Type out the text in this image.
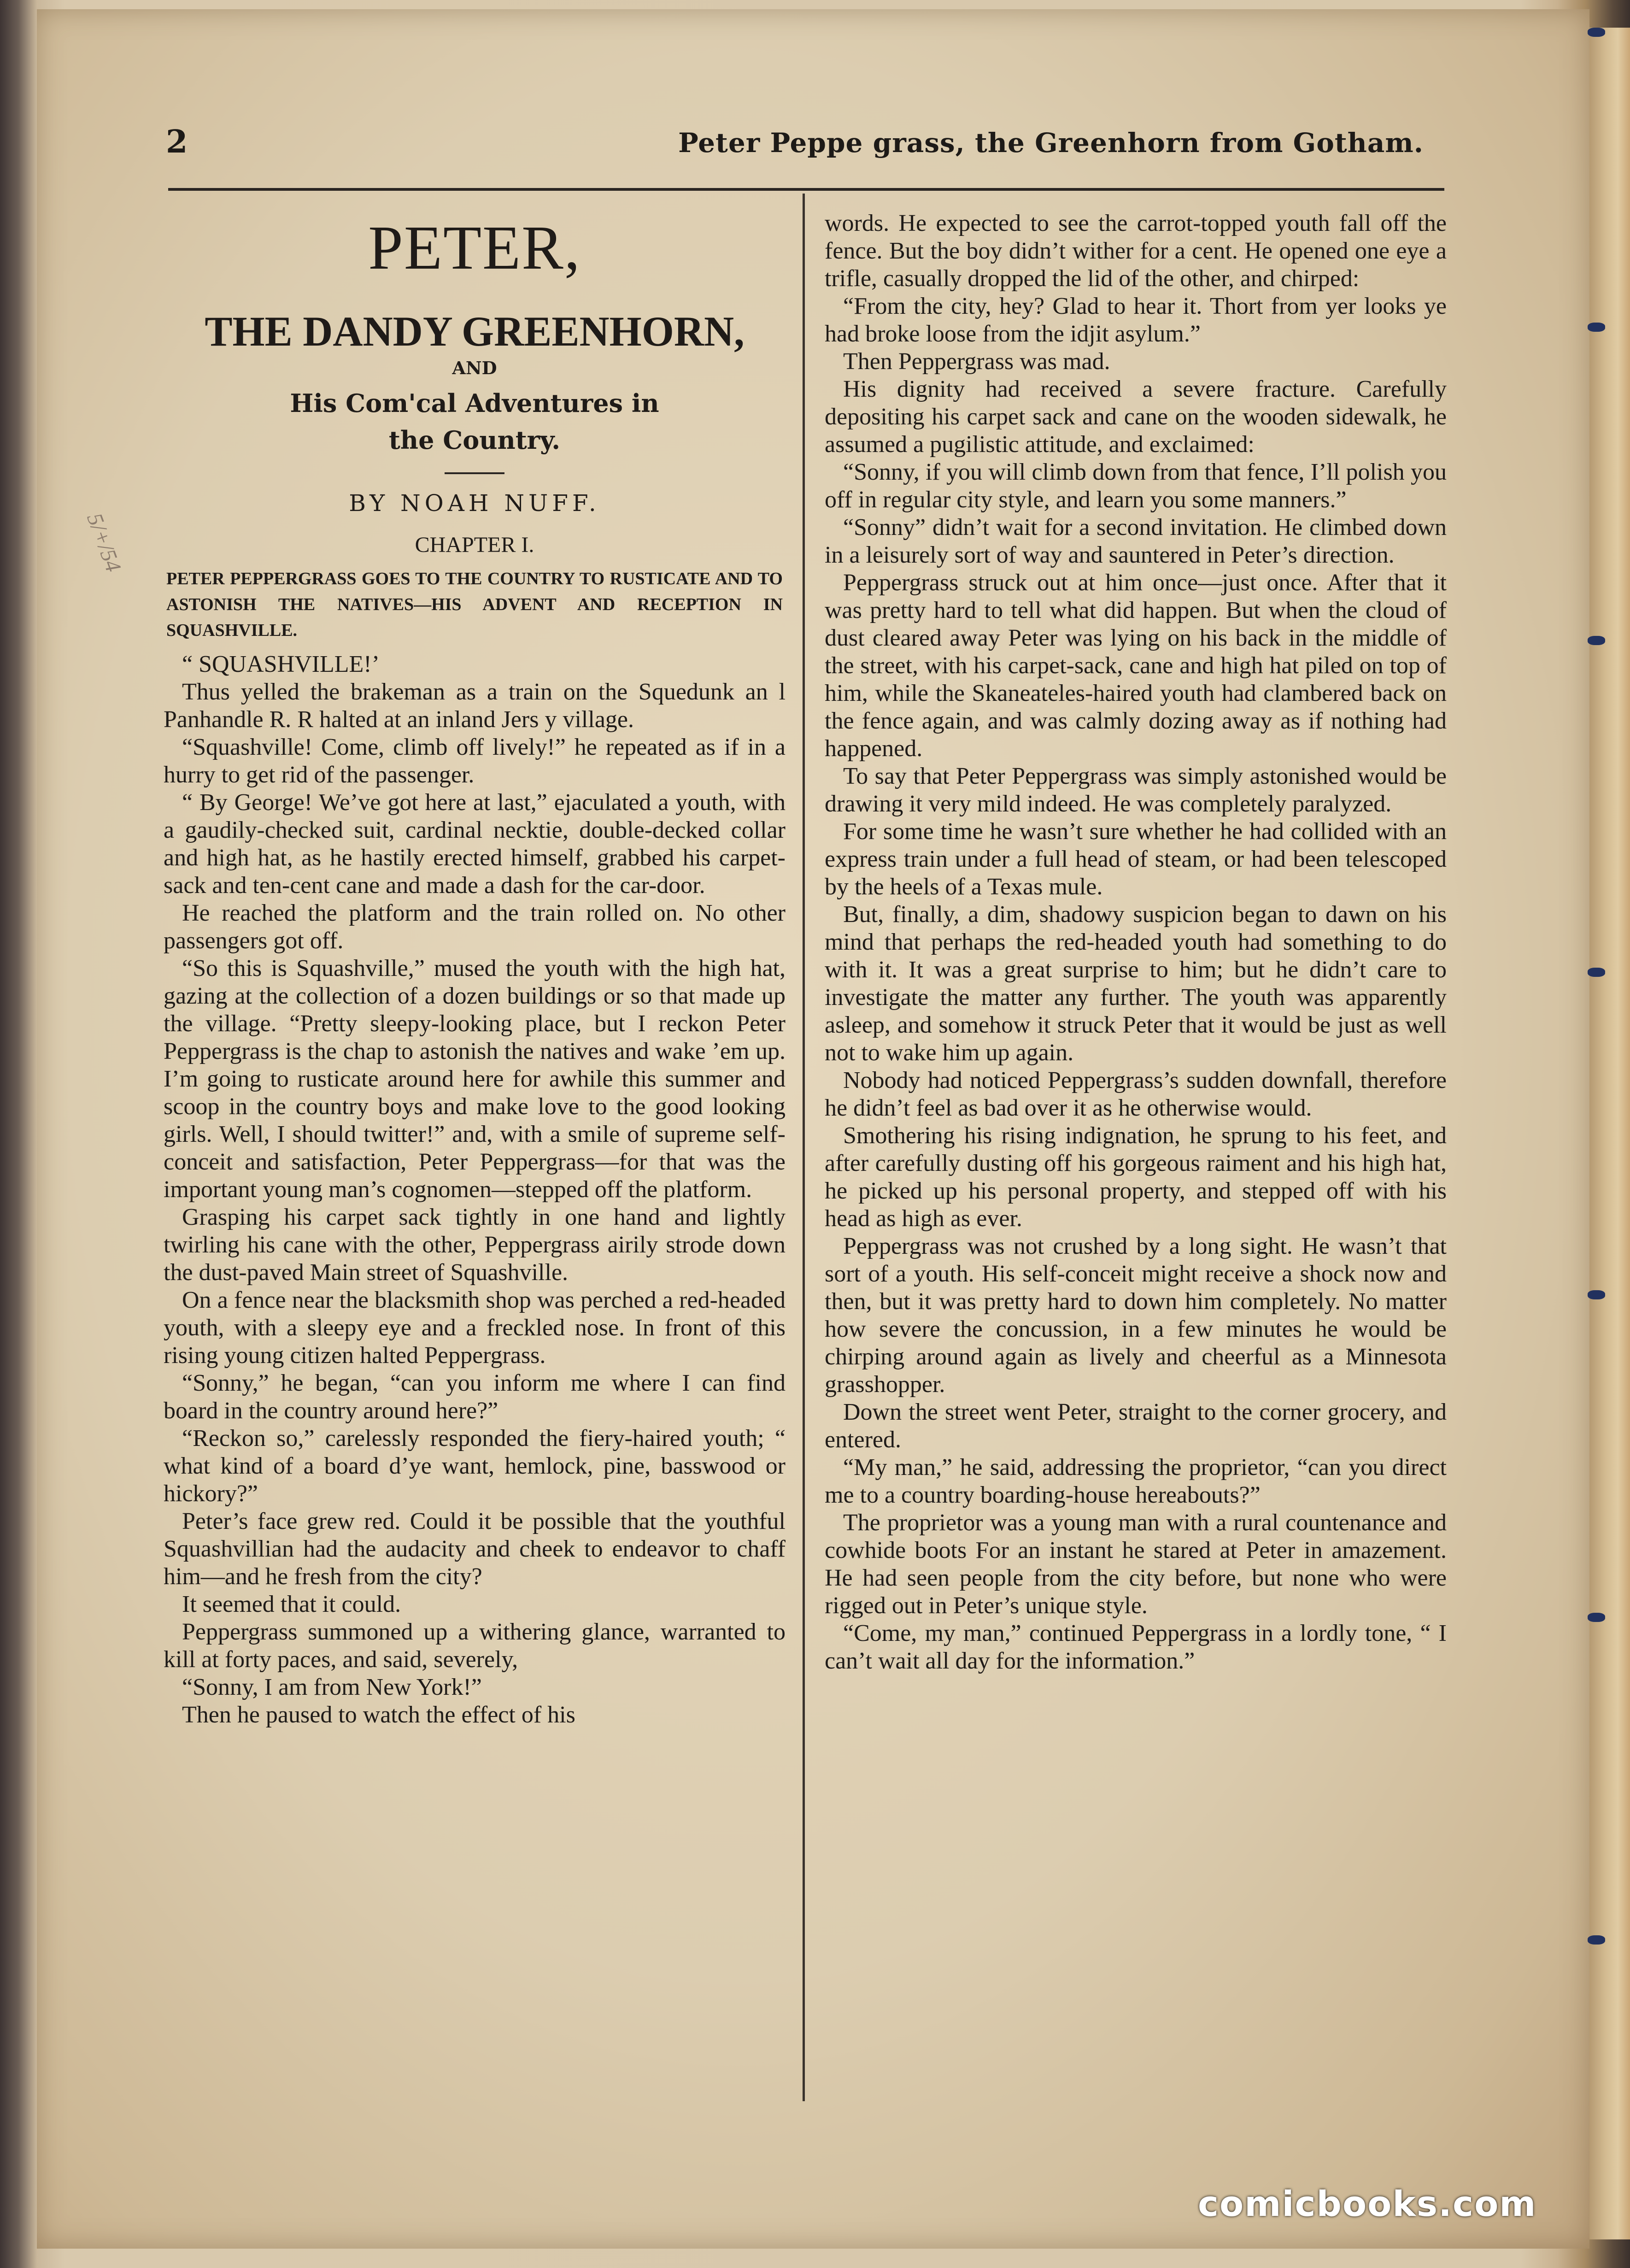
5/+/54
2	Peter Peppe grass, the Greenhorn from Gotham.
PETER,
THE DANDY GREENHORN,
AND
His Com'cal Adventures in
the Country.
BY NOAH NUFF.
CHAPTER I.
PETER PEPPERGRASS GOES TO THE COUNTRY TO RUSTICATE AND TO ASTONISH THE NATIVES—HIS ADVENT AND RECEPTION IN SQUASHVILLE.

“ SQUASHVILLE!’

Thus yelled the brakeman as a train on the Squedunk an l Panhandle R. R halted at an inland Jers y village.

“Squashville! Come, climb off lively!” he repeated as if in a hurry to get rid of the passenger.

“ By George! We’ve got here at last,” ejaculated a youth, with a gaudily-checked suit, cardinal necktie, double-decked collar and high hat, as he hastily erected himself, grabbed his carpet-sack and ten-cent cane and made a dash for the car-door.

He reached the platform and the train rolled on. No other passengers got off.

“So this is Squashville,” mused the youth with the high hat, gazing at the collection of a dozen buildings or so that made up the village. “Pretty sleepy-looking place, but I reckon Peter Peppergrass is the chap to astonish the natives and wake ’em up. I’m going to rusticate around here for awhile this summer and scoop in the country boys and make love to the good looking girls. Well, I should twitter!” and, with a smile of supreme self-conceit and satisfaction, Peter Peppergrass—for that was the important young man’s cognomen—stepped off the platform.

Grasping his carpet sack tightly in one hand and lightly twirling his cane with the other, Peppergrass airily strode down the dust-paved Main street of Squashville.

On a fence near the blacksmith shop was perched a red-headed youth, with a sleepy eye and a freckled nose. In front of this rising young citizen halted Peppergrass.

“Sonny,” he began, “can you inform me where I can find board in the country around here?”

“Reckon so,” carelessly responded the fiery-haired youth; “ what kind of a board d’ye want, hemlock, pine, basswood or hickory?”

Peter’s face grew red. Could it be possible that the youthful Squashvillian had the audacity and cheek to endeavor to chaff him—and he fresh from the city?

It seemed that it could.

Peppergrass summoned up a withering glance, warranted to kill at forty paces, and said, severely,

“Sonny, I am from New York!”

Then he paused to watch the effect of his

words. He expected to see the carrot-topped youth fall off the fence. But the boy didn’t wither for a cent. He opened one eye a trifle, casually dropped the lid of the other, and chirped:

“From the city, hey? Glad to hear it. Thort from yer looks ye had broke loose from the idjit asylum.”

Then Peppergrass was mad.

His dignity had received a severe fracture. Carefully depositing his carpet sack and cane on the wooden sidewalk, he assumed a pugilistic attitude, and exclaimed:

“Sonny, if you will climb down from that fence, I’ll polish you off in regular city style, and learn you some manners.”

“Sonny” didn’t wait for a second invitation. He climbed down in a leisurely sort of way and sauntered in Peter’s direction.

Peppergrass struck out at him once—just once. After that it was pretty hard to tell what did happen. But when the cloud of dust cleared away Peter was lying on his back in the middle of the street, with his carpet-sack, cane and high hat piled on top of him, while the Skaneateles-haired youth had clambered back on the fence again, and was calmly dozing away as if nothing had happened.

To say that Peter Peppergrass was simply astonished would be drawing it very mild indeed. He was completely paralyzed.

For some time he wasn’t sure whether he had collided with an express train under a full head of steam, or had been telescoped by the heels of a Texas mule.

But, finally, a dim, shadowy suspicion began to dawn on his mind that perhaps the red-headed youth had something to do with it. It was a great surprise to him; but he didn’t care to investigate the matter any further. The youth was apparently asleep, and somehow it struck Peter that it would be just as well not to wake him up again.

Nobody had noticed Peppergrass’s sudden downfall, therefore he didn’t feel as bad over it as he otherwise would.

Smothering his rising indignation, he sprung to his feet, and after carefully dusting off his gorgeous raiment and his high hat, he picked up his personal property, and stepped off with his head as high as ever.

Peppergrass was not crushed by a long sight. He wasn’t that sort of a youth. His self-conceit might receive a shock now and then, but it was pretty hard to down him completely. No matter how severe the concussion, in a few minutes he would be chirping around again as lively and cheerful as a Minnesota grasshopper.

Down the street went Peter, straight to the corner grocery, and entered.

“My man,” he said, addressing the proprietor, “can you direct me to a country boarding-house hereabouts?”

The proprietor was a young man with a rural countenance and cowhide boots For an instant he stared at Peter in amazement. He had seen people from the city before, but none who were rigged out in Peter’s unique style.

“Come, my man,” continued Peppergrass in a lordly tone, “ I can’t wait all day for the information.”

comicbooks.com
